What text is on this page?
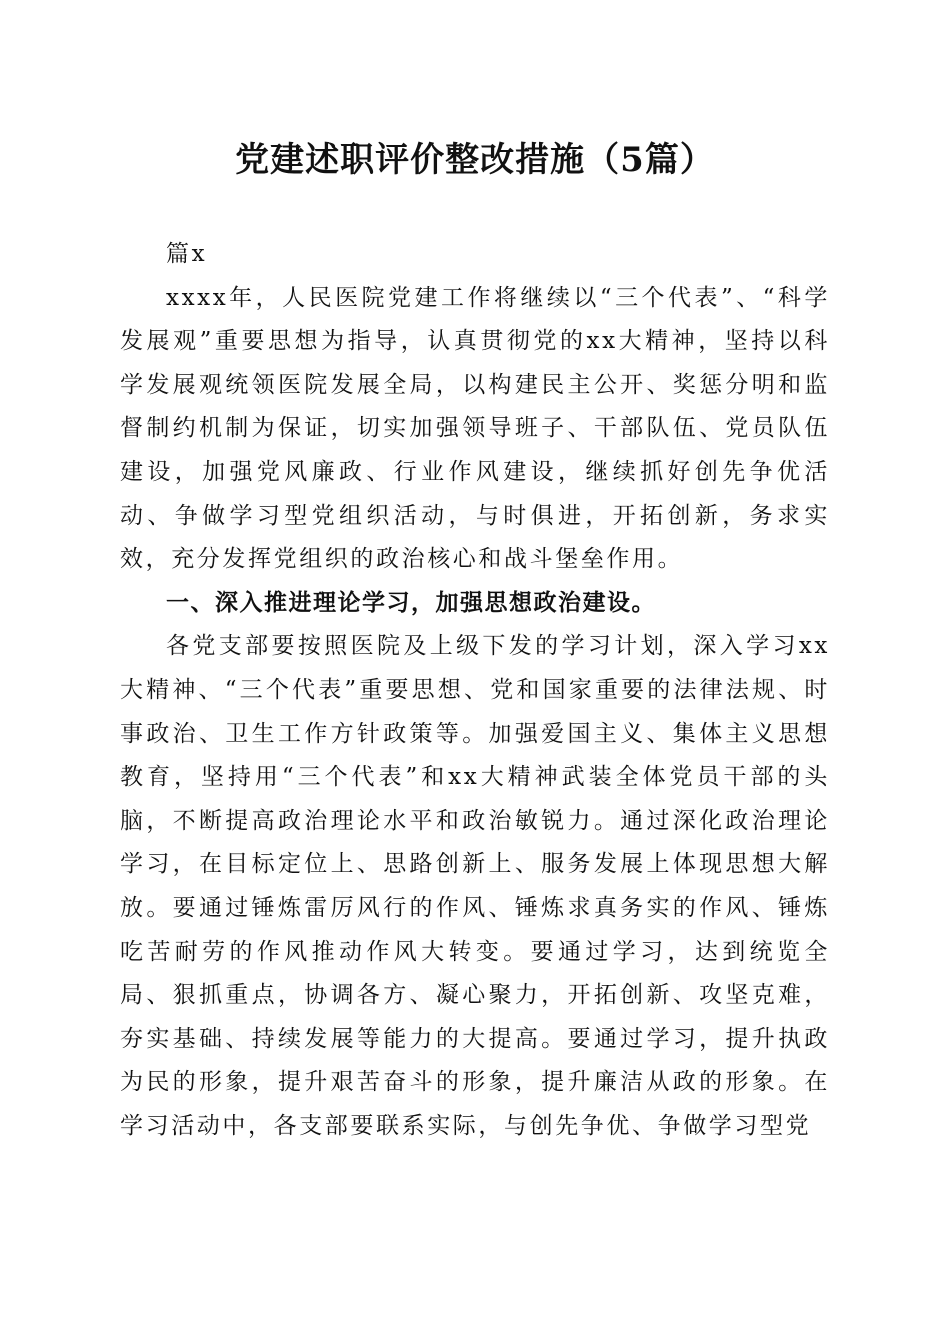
党建述职评价整改措施（5篇）

篇x

xxxx年，人民医院党建工作将继续以“三个代表”、“科学发展观”重要思想为指导，认真贯彻党的xx大精神，坚持以科学发展观统领医院发展全局，以构建民主公开、奖惩分明和监督制约机制为保证，切实加强领导班子、干部队伍、党员队伍建设，加强党风廉政、行业作风建设，继续抓好创先争优活动、争做学习型党组织活动，与时俱进，开拓创新，务求实效，充分发挥党组织的政治核心和战斗堡垒作用。

一、深入推进理论学习，加强思想政治建设。

各党支部要按照医院及上级下发的学习计划，深入学习xx大精神、“三个代表”重要思想、党和国家重要的法律法规、时事政治、卫生工作方针政策等。加强爱国主义、集体主义思想教育，坚持用“三个代表”和xx大精神武装全体党员干部的头脑，不断提高政治理论水平和政治敏锐力。通过深化政治理论学习，在目标定位上、思路创新上、服务发展上体现思想大解放。要通过锤炼雷厉风行的作风、锤炼求真务实的作风、锤炼吃苦耐劳的作风推动作风大转变。要通过学习，达到统览全局、狠抓重点，协调各方、凝心聚力，开拓创新、攻坚克难，夯实基础、持续发展等能力的大提高。要通过学习，提升执政为民的形象，提升艰苦奋斗的形象，提升廉洁从政的形象。在学习活动中，各支部要联系实际，与创先争优、争做学习型党
